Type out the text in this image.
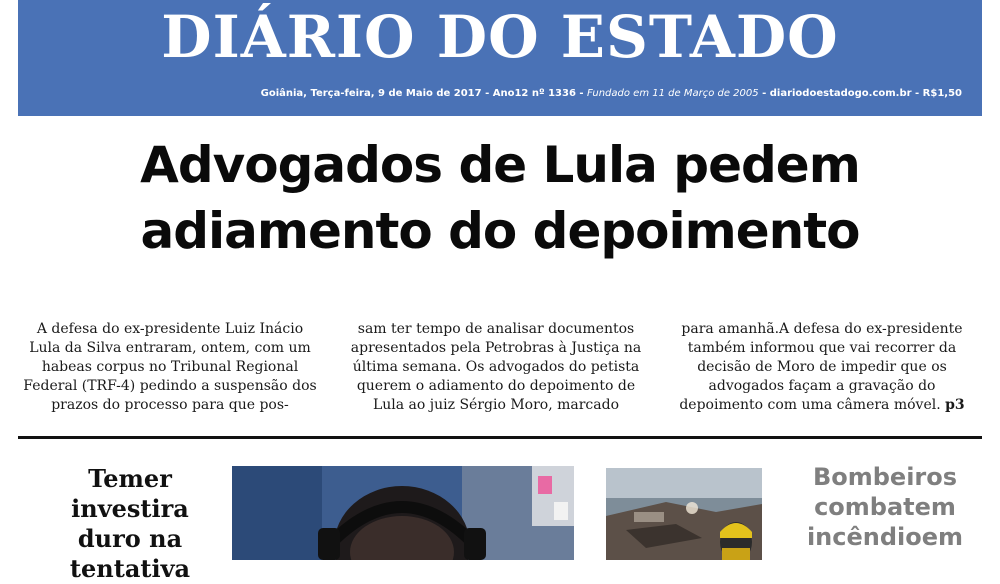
DIÁRIO DO ESTADO
Goiânia, Terça-feira, 9 de Maio de 2017 - Ano12 nº 1336 - Fundado em 11 de Março de 2005 - diariodoestadogo.com.br - R$1,50
Advogados de Lula pedem
adiamento do depoimento
A defesa do ex-presidente Luiz Inácio Lula da Silva entraram, ontem, com um habeas corpus no Tribunal Regional Federal (TRF-4) pedindo a suspensão dos prazos do processo para que pos-
sam ter tempo de analisar documentos apresentados pela Petrobras à Justiça na última semana. Os advogados do petista querem o adiamento do depoimento de Lula ao juiz Sérgio Moro, marcado
para amanhã.A defesa do ex-presidente também informou que vai recorrer da decisão de Moro de impedir que os advogados façam a gravação do depoimento com uma câmera móvel. p3
Temer investira duro na tentativa
Bombeiros combatem incêndioem
